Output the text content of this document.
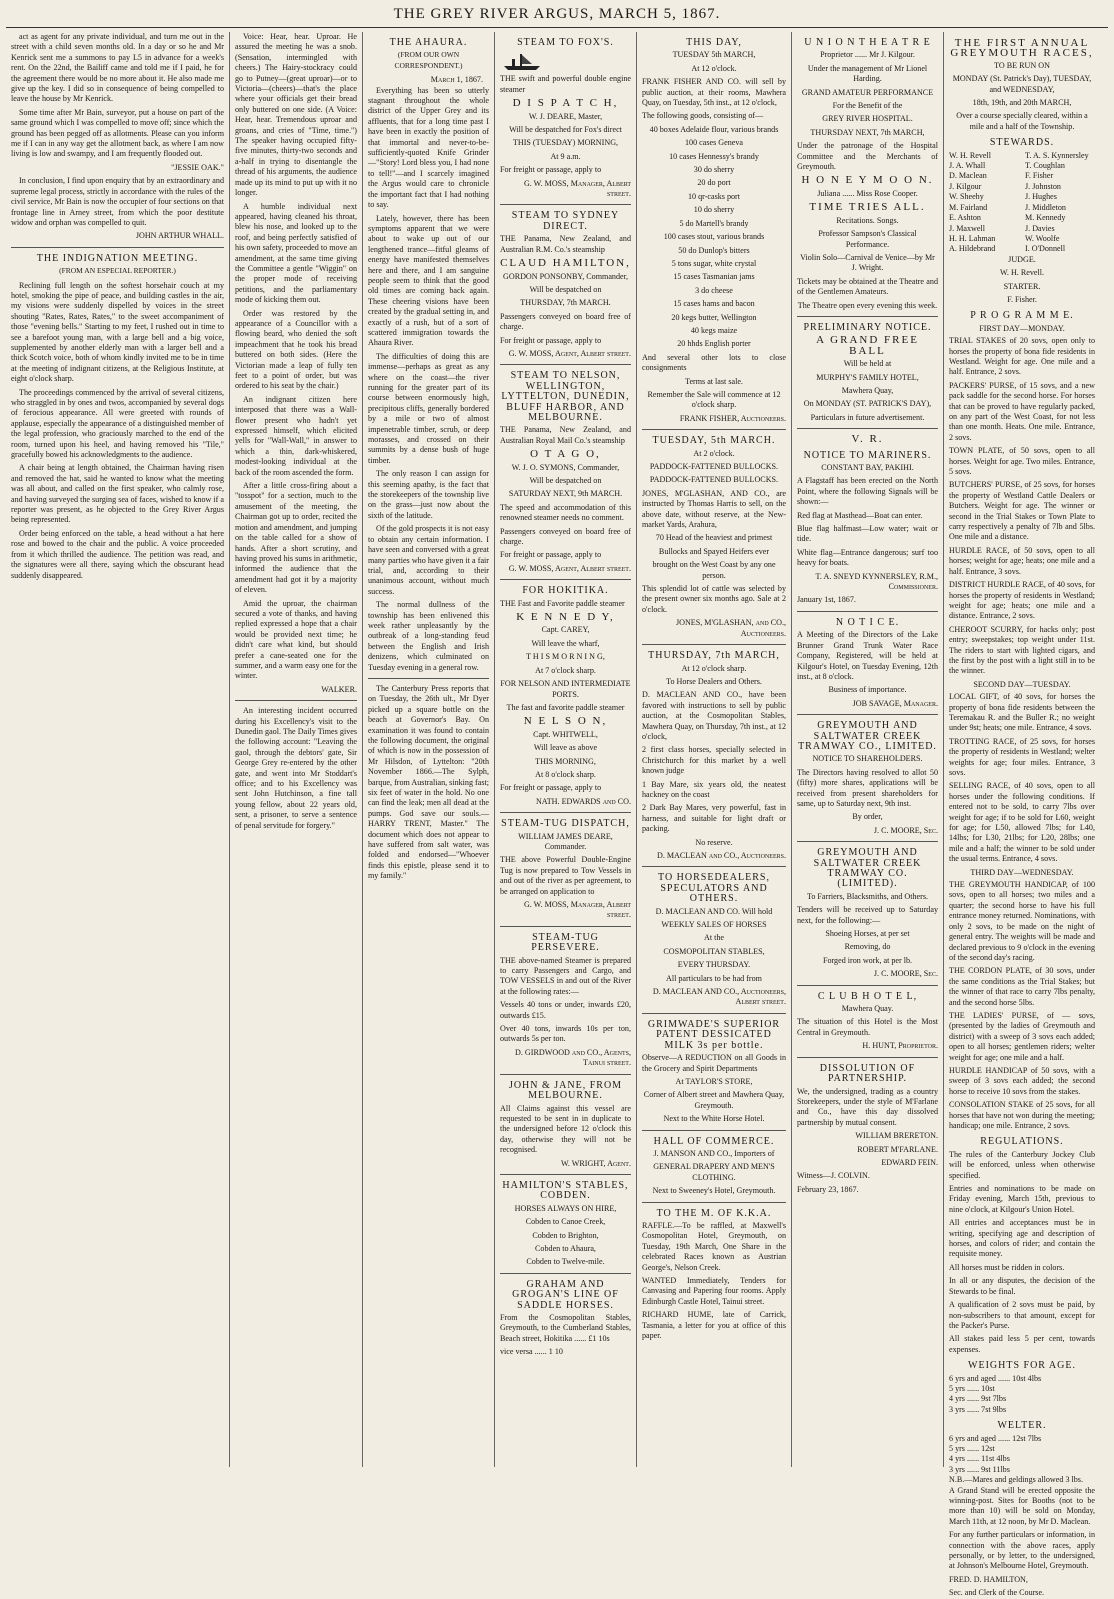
THE GREY RIVER ARGUS, MARCH 5, 1867.

act as agent for any private individual, and turn me out in the street with a child seven months old. In a day or so he and Mr Kenrick sent me a summons to pay L5 in advance for a week's rent. On the 22nd, the Bailiff came and told me if I paid, he for the agreement there would be no more about it. He also made me give up the key. I did so in consequence of being compelled to leave the house by Mr Kenrick.

Some time after Mr Bain, surveyor, put a house on part of the same ground which I was compelled to move off; since which the ground has been pegged off as allotments. Please can you inform me if I can in any way get the allotment back, as where I am now living is low and swampy, and I am frequently flooded out.

"JESSIE OAK."

In conclusion, I find upon enquiry that by an extraordinary and supreme legal process, strictly in accordance with the rules of the civil service, Mr Bain is now the occupier of four sections on that frontage line in Arney street, from which the poor destitute widow and orphan was compelled to quit.

JOHN ARTHUR WHALL.

THE INDIGNATION MEETING.
(FROM AN ESPECIAL REPORTER.)

Reclining full length on the softest horsehair couch at my hotel, smoking the pipe of peace, and building castles in the air, my visions were suddenly dispelled by voices in the street shouting "Rates, Rates, Rates," to the sweet accompaniment of those "evening bells." Starting to my feet, I rushed out in time to see a barefoot young man, with a large bell and a big voice, supplemented by another elderly man with a larger bell and a thick Scotch voice, both of whom kindly invited me to be in time at the meeting of indignant citizens, at the Religious Institute, at eight o'clock sharp.

The proceedings commenced by the arrival of several citizens, who straggled in by ones and twos, accompanied by several dogs of ferocious appearance. All were greeted with rounds of applause, especially the appearance of a distinguished member of the legal profession, who graciously marched to the end of the room, turned upon his heel, and having removed his "Tile," gracefully bowed his acknowledgments to the audience.

A chair being at length obtained, the Chairman having risen and removed the hat, said he wanted to know what the meeting was all about, and called on the first speaker, who calmly rose, and having surveyed the surging sea of faces, wished to know if a reporter was present, as he objected to the Grey River Argus being represented.

Order being enforced on the table, a head without a hat here rose and bowed to the chair and the public. A voice proceeded from it which thrilled the audience. The petition was read, and the signatures were all there, saying which the obscurant head suddenly disappeared.

Voice: Hear, hear. Uproar. He assured the meeting he was a snob. (Sensation, intermingled with cheers.) The Hairy-stockracy could go to Putney—(great uproar)—or to Victoria—(cheers)—that's the place where your officials get their bread only buttered on one side. (A Voice: Hear, hear. Tremendous uproar and groans, and cries of "Time, time.") The speaker having occupied fifty-five minutes, thirty-two seconds and a-half in trying to disentangle the thread of his arguments, the audience made up its mind to put up with it no longer.

A humble individual next appeared, having cleaned his throat, blew his nose, and looked up to the roof, and being perfectly satisfied of his own safety, proceeded to move an amendment, at the same time giving the Committee a gentle "Wiggin" on the proper mode of receiving petitions, and the parliamentary mode of kicking them out.

Order was restored by the appearance of a Councillor with a flowing beard, who denied the soft impeachment that he took his bread buttered on both sides. (Here the Victorian made a leap of fully ten feet to a point of order, but was ordered to his seat by the chair.)

An indignant citizen here interposed that there was a Wall-flower present who hadn't yet expressed himself, which elicited yells for "Wall-Wall," in answer to which a thin, dark-whiskered, modest-looking individual at the back of the room ascended the form.

After a little cross-firing about a "tosspot" for a section, much to the amusement of the meeting, the Chairman got up to order, recited the motion and amendment, and jumping on the table called for a show of hands. After a short scrutiny, and having proved his sums in arithmetic, informed the audience that the amendment had got it by a majority of eleven.

Amid the uproar, the chairman secured a vote of thanks, and having replied expressed a hope that a chair would be provided next time; he didn't care what kind, but should prefer a cane-seated one for the summer, and a warm easy one for the winter.

WALKER.

An interesting incident occurred during his Excellency's visit to the Dunedin gaol. The Daily Times gives the following account: "Leaving the gaol, through the debtors' gate, Sir George Grey re-entered by the other gate, and went into Mr Stoddart's office; and to his Excellency was sent John Hutchinson, a fine tall young fellow, about 22 years old, sent, a prisoner, to serve a sentence of penal servitude for forgery."

THE AHAURA.
(FROM OUR OWN CORRESPONDENT.)
March 1, 1867.

Everything has been so utterly stagnant throughout the whole district of the Upper Grey and its affluents, that for a long time past I have been in exactly the position of that immortal and never-to-be-sufficiently-quoted Knife Grinder—"Story! Lord bless you, I had none to tell!"—and I scarcely imagined the Argus would care to chronicle the important fact that I had nothing to say.

Lately, however, there has been symptoms apparent that we were about to wake up out of our lengthened trance—fitful gleams of energy have manifested themselves here and there, and I am sanguine people seem to think that the good old times are coming back again. These cheering visions have been created by the gradual setting in, and exactly of a rush, but of a sort of scattered immigration towards the Ahaura River.

The difficulties of doing this are immense—perhaps as great as any where on the coast—the river running for the greater part of its course between enormously high, precipitous cliffs, generally bordered by a mile or two of almost impenetrable timber, scrub, or deep morasses, and crossed on their summits by a dense bush of huge timber.

The only reason I can assign for this seeming apathy, is the fact that the storekeepers of the township live on the grass—just now about the sixth of the latitude.

Of the gold prospects it is not easy to obtain any certain information. I have seen and conversed with a great many parties who have given it a fair trial, and, according to their unanimous account, without much success.

The normal dullness of the township has been enlivened this week rather unpleasantly by the outbreak of a long-standing feud between the English and Irish denizens, which culminated on Tuesday evening in a general row.

The Canterbury Press reports that on Tuesday, the 26th ult., Mr Dyer picked up a square bottle on the beach at Governor's Bay. On examination it was found to contain the following document, the original of which is now in the possession of Mr Hilsdon, of Lyttelton: "20th November 1866.—The Sylph, barque, from Australian, sinking fast; six feet of water in the hold. No one can find the leak; men all dead at the pumps. God save our souls.—HARRY TRENT, Master." The document which does not appear to have suffered from salt water, was folded and endorsed—"Whoever finds this epistle, please send it to my family."

STEAM TO FOX'S.

THE swift and powerful double engine steamer

D I S P A T C H,

W. J. DEARE, Master,

Will be despatched for Fox's direct

THIS (TUESDAY) MORNING,

At 9 a.m.

For freight or passage, apply to

G. W. MOSS, Manager, Albert street.

STEAM TO SYDNEY DIRECT.

THE Panama, New Zealand, and Australian R.M. Co.'s steamship

CLAUD HAMILTON,

GORDON PONSONBY, Commander,

Will be despatched on

THURSDAY, 7th MARCH.

Passengers conveyed on board free of charge.

For freight or passage, apply to

G. W. MOSS, Agent, Albert street.

STEAM TO NELSON, WELLINGTON, LYTTELTON, DUNEDIN, BLUFF HARBOR, AND MELBOURNE.

THE Panama, New Zealand, and Australian Royal Mail Co.'s steamship

O T A G O,

W. J. O. SYMONS, Commander,

Will be despatched on

SATURDAY NEXT, 9th MARCH.

The speed and accommodation of this renowned steamer needs no comment.

Passengers conveyed on board free of charge.

For freight or passage, apply to

G. W. MOSS, Agent, Albert street.

FOR HOKITIKA.

THE Fast and Favorite paddle steamer

K E N N E D Y,

Capt. CAREY,

Will leave the wharf,

T H I S M O R N I N G,

At 7 o'clock sharp.

FOR NELSON AND INTERMEDIATE PORTS.

The fast and favorite paddle steamer

N E L S O N,

Capt. WHITWELL,

Will leave as above

THIS MORNING,

At 8 o'clock sharp.

For freight or passage, apply to

NATH. EDWARDS and CO.

STEAM-TUG DISPATCH,

WILLIAM JAMES DEARE, Commander.

THE above Powerful Double-Engine Tug is now prepared to Tow Vessels in and out of the river as per agreement, to be arranged on application to

G. W. MOSS, Manager, Albert street.

STEAM-TUG PERSEVERE.

THE above-named Steamer is prepared to carry Passengers and Cargo, and TOW VESSELS in and out of the River at the following rates:—

Vessels 40 tons or under, inwards £20, outwards £15.

Over 40 tons, inwards 10s per ton, outwards 5s per ton.

D. GIRDWOOD and CO., Agents, Tainui street.

JOHN & JANE, FROM MELBOURNE.

All Claims against this vessel are requested to be sent in in duplicate to the undersigned before 12 o'clock this day, otherwise they will not be recognised.

W. WRIGHT, Agent.

HAMILTON'S STABLES, COBDEN.

HORSES ALWAYS ON HIRE,

Cobden to Canoe Creek,

Cobden to Brighton,

Cobden to Ahaura,

Cobden to Twelve-mile.

GRAHAM AND GROGAN'S LINE OF SADDLE HORSES.

From the Cosmopolitan Stables, Greymouth, to the Cumberland Stables, Beach street, Hokitika ...... £1 10s

vice versa ...... 1 10

THIS DAY,

TUESDAY 5th MARCH,

At 12 o'clock.

FRANK FISHER AND CO. will sell by public auction, at their rooms, Mawhera Quay, on Tuesday, 5th inst., at 12 o'clock,

The following goods, consisting of—

40 boxes Adelaide flour, various brands

100 cases Geneva

10 cases Hennessy's brandy

30 do sherry

20 do port

10 qr-casks port

10 do sherry

5 do Martell's brandy

100 cases stout, various brands

50 do Dunlop's bitters

5 tons sugar, white crystal

15 cases Tasmanian jams

3 do cheese

15 cases hams and bacon

20 kegs butter, Wellington

40 kegs maize

20 hhds English porter

And several other lots to close consignments

Terms at last sale.

Remember the Sale will commence at 12 o'clock sharp.

FRANK FISHER, Auctioneers.

TUESDAY, 5th MARCH.

At 2 o'clock.

PADDOCK-FATTENED BULLOCKS.

PADDOCK-FATTENED BULLOCKS.

JONES, M'GLASHAN, AND CO., are instructed by Thomas Harris to sell, on the above date, without reserve, at the New-market Yards, Arahura,

70 Head of the heaviest and primest

Bullocks and Spayed Heifers ever

brought on the West Coast by any one person.

This splendid lot of cattle was selected by the present owner six months ago. Sale at 2 o'clock.

JONES, M'GLASHAN, and CO., Auctioneers.

THURSDAY, 7th MARCH,

At 12 o'clock sharp.

To Horse Dealers and Others.

D. MACLEAN AND CO., have been favored with instructions to sell by public auction, at the Cosmopolitan Stables, Mawhera Quay, on Thursday, 7th inst., at 12 o'clock,

2 first class horses, specially selected in Christchurch for this market by a well known judge

1 Bay Mare, six years old, the neatest hackney on the coast

2 Dark Bay Mares, very powerful, fast in harness, and suitable for light draft or packing.

No reserve.

D. MACLEAN and CO., Auctioneers.

TO HORSEDEALERS, SPECULATORS AND OTHERS.

D. MACLEAN AND CO. Will hold

WEEKLY SALES OF HORSES

At the

COSMOPOLITAN STABLES,

EVERY THURSDAY.

All particulars to be had from

D. MACLEAN AND CO., Auctioneers, Albert street.

GRIMWADE'S SUPERIOR PATENT DESSICATED MILK 3s per bottle.

Observe—A REDUCTION on all Goods in the Grocery and Spirit Departments

At TAYLOR'S STORE,

Corner of Albert street and Mawhera Quay, Greymouth.

Next to the White Horse Hotel.

HALL OF COMMERCE.

J. MANSON AND CO., Importers of

GENERAL DRAPERY AND MEN'S CLOTHING.

Next to Sweeney's Hotel, Greymouth.

TO THE M. OF K.K.A.

RAFFLE.—To be raffled, at Maxwell's Cosmopolitan Hotel, Greymouth, on Tuesday, 19th March, One Share in the celebrated Races known as Austrian George's, Nelson Creek.

WANTED Immediately, Tenders for Canvasing and Papering four rooms. Apply Edinburgh Castle Hotel, Tainui street.

RICHARD HUME, late of Carrick, Tasmania, a letter for you at office of this paper.

U N I O N T H E A T R E

Proprietor ...... Mr J. Kilgour.

Under the management of Mr Lionel Harding.

GRAND AMATEUR PERFORMANCE

For the Benefit of the

GREY RIVER HOSPITAL.

THURSDAY NEXT, 7th MARCH,

Under the patronage of the Hospital Committee and the Merchants of Greymouth.

H O N E Y M O O N.

Juliana ...... Miss Rose Cooper.

TIME TRIES ALL.

Recitations. Songs.

Professor Sampson's Classical Performance.

Violin Solo—Carnival de Venice—by Mr J. Wright.

Tickets may be obtained at the Theatre and of the Gentlemen Amateurs.

The Theatre open every evening this week.

PRELIMINARY NOTICE.

A GRAND FREE BALL

Will be held at

MURPHY'S FAMILY HOTEL,

Mawhera Quay,

On MONDAY (ST. PATRICK'S DAY),

Particulars in future advertisement.

V. R.

NOTICE TO MARINERS.

CONSTANT BAY, PAKIHI.

A Flagstaff has been erected on the North Point, where the following Signals will be shown:—

Red flag at Masthead—Boat can enter.

Blue flag halfmast—Low water; wait or tide.

White flag—Entrance dangerous; surf too heavy for boats.

T. A. SNEYD KYNNERSLEY, R.M., Commissioner.

January 1st, 1867.

N O T I C E.

A Meeting of the Directors of the Lake Brunner Grand Trunk Water Race Company, Registered, will be held at Kilgour's Hotel, on Tuesday Evening, 12th inst., at 8 o'clock.

Business of importance.

JOB SAVAGE, Manager.

GREYMOUTH AND SALTWATER CREEK TRAMWAY CO., LIMITED.

NOTICE TO SHAREHOLDERS.

The Directors having resolved to allot 50 (fifty) more shares, applications will be received from present shareholders for same, up to Saturday next, 9th inst.

By order,

J. C. MOORE, Sec.

GREYMOUTH AND SALTWATER CREEK TRAMWAY CO. (LIMITED).

To Farriers, Blacksmiths, and Others.

Tenders will be received up to Saturday next, for the following:—

Shoeing Horses, at per set

Removing, do

Forged iron work, at per lb.

J. C. MOORE, Sec.

C L U B H O T E L,

Mawhera Quay.

The situation of this Hotel is the Most Central in Greymouth.

H. HUNT, Proprietor.

DISSOLUTION OF PARTNERSHIP.

We, the undersigned, trading as a country Storekeepers, under the style of M'Farlane and Co., have this day dissolved partnership by mutual consent.

WILLIAM BRERETON.

ROBERT M'FARLANE.

EDWARD FEIN.

Witness—J. COLVIN.

February 23, 1867.

THE FIRST ANNUAL GREYMOUTH RACES,

TO BE RUN ON

MONDAY (St. Patrick's Day), TUESDAY, and WEDNESDAY,

18th, 19th, and 20th MARCH,

Over a course specially cleared, within a mile and a half of the Township.

STEWARDS.
W. H. Revell	T. A. S. Kynnersley
J. A. Whall	T. Coughlan
D. Maclean	F. Fisher
J. Kilgour	J. Johnston
W. Sheehy	J. Hughes
M. Fairland	J. Middleton
E. Ashton	M. Kennedy
J. Maxwell	J. Davies
H. H. Lahman	W. Woolfe
A. Hildebrand	I. O'Donnell

JUDGE.

W. H. Revell.

STARTER.

F. Fisher.

P R O G R A M M E.
FIRST DAY—MONDAY.

TRIAL STAKES of 20 sovs, open only to horses the property of bona fide residents in Westland. Weight for age. One mile and a half. Entrance, 2 sovs.

PACKERS' PURSE, of 15 sovs, and a new pack saddle for the second horse. For horses that can be proved to have regularly packed, on any part of the West Coast, for not less than one month. Heats. One mile. Entrance, 2 sovs.

TOWN PLATE, of 50 sovs, open to all horses. Weight for age. Two miles. Entrance, 5 sovs.

BUTCHERS' PURSE, of 25 sovs, for horses the property of Westland Cattle Dealers or Butchers. Weight for age. The winner or second in the Trial Stakes or Town Plate to carry respectively a penalty of 7lb and 5lbs. One mile and a distance.

HURDLE RACE, of 50 sovs, open to all horses; weight for age; heats; one mile and a half. Entrance, 3 sovs.

DISTRICT HURDLE RACE, of 40 sovs, for horses the property of residents in Westland; weight for age; heats; one mile and a distance. Entrance, 2 sovs.

CHEROOT SCURRY, for hacks only; post entry; sweepstakes; top weight under 11st. The riders to start with lighted cigars, and the first by the post with a light still in to be the winner.

SECOND DAY—TUESDAY.

LOCAL GIFT, of 40 sovs, for horses the property of bona fide residents between the Teremakau R. and the Buller R.; no weight under 9st; heats; one mile. Entrance, 4 sovs.

TROTTING RACE, of 25 sovs, for horses the property of residents in Westland; welter weights for age; four miles. Entrance, 3 sovs.

SELLING RACE, of 40 sovs, open to all horses under the following conditions. If entered not to be sold, to carry 7lbs over weight for age; if to be sold for L60, weight for age; for L50, allowed 7lbs; for L40, 14lbs; for L30, 21lbs; for L20, 28lbs; one mile and a half; the winner to be sold under the usual terms. Entrance, 4 sovs.

THIRD DAY—WEDNESDAY.

THE GREYMOUTH HANDICAP, of 100 sovs, open to all horses; two miles and a quarter; the second horse to have his full entrance money returned. Nominations, with only 2 sovs, to be made on the night of general entry. The weights will be made and declared previous to 9 o'clock in the evening of the second day's racing.

THE CORDON PLATE, of 30 sovs, under the same conditions as the Trial Stakes; but the winner of that race to carry 7lbs penalty, and the second horse 5lbs.

THE LADIES' PURSE, of — sovs, (presented by the ladies of Greymouth and district) with a sweep of 3 sovs each added; open to all horses; gentlemen riders; welter weight for age; one mile and a half.

HURDLE HANDICAP of 50 sovs, with a sweep of 3 sovs each added; the second horse to receive 10 sovs from the stakes.

CONSOLATION STAKE of 25 sovs, for all horses that have not won during the meeting; handicap; one mile. Entrance, 2 sovs.

REGULATIONS.

The rules of the Canterbury Jockey Club will be enforced, unless when otherwise specified.

Entries and nominations to be made on Friday evening, March 15th, previous to nine o'clock, at Kilgour's Union Hotel.

All entries and acceptances must be in writing, specifying age and description of horses, and colors of rider; and contain the requisite money.

All horses must be ridden in colors.

In all or any disputes, the decision of the Stewards to be final.

A qualification of 2 sovs must be paid, by non-subscribers to that amount, except for the Packer's Purse.

All stakes paid less 5 per cent, towards expenses.

WEIGHTS FOR AGE.
6 yrs and aged ...... 10st 4lbs
5 yrs ...... 10st
4 yrs ...... 9st 7lbs
3 yrs ...... 7st 9lbs
WELTER.
6 yrs and aged ...... 12st 7lbs
5 yrs ...... 12st
4 yrs ...... 11st 4lbs
3 yrs ...... 9st 11lbs
N.B.—Mares and geldings allowed 3 lbs.

A Grand Stand will be erected opposite the winning-post. Sites for Booths (not to be more than 10) will be sold on Monday, March 11th, at 12 noon, by Mr D. Maclean.

For any further particulars or information, in connection with the above races, apply personally, or by letter, to the undersigned, at Johnson's Melbourne Hotel, Greymouth.

FRED. D. HAMILTON,

Sec. and Clerk of the Course.
